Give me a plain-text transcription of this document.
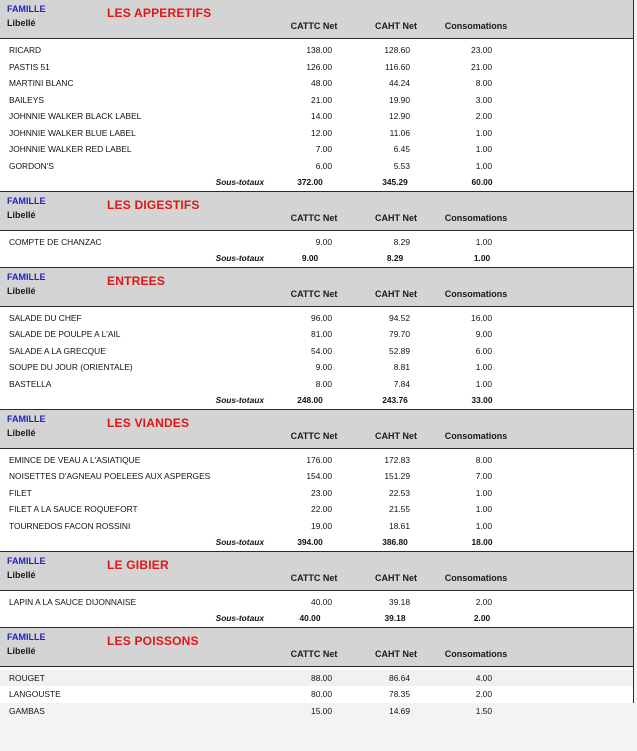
FAMILLE	LES APPERETIFS
Libellé	CATTC Net	CAHT Net	Consomations
RICARD	138.00	128.60	23.00
PASTIS 51	126.00	116.60	21.00
MARTINI BLANC	48.00	44.24	8.00
BAILEYS	21.00	19.90	3.00
JOHNNIE WALKER BLACK LABEL	14.00	12.90	2.00
JOHNNIE WALKER BLUE LABEL	12.00	11.06	1.00
JOHNNIE WALKER RED LABEL	7.00	6.45	1.00
GORDON'S	6.00	5.53	1.00
Sous-totaux	372.00	345.29	60.00
FAMILLE	LES DIGESTIFS
Libellé	CATTC Net	CAHT Net	Consomations
COMPTE DE CHANZAC	9.00	8.29	1.00
Sous-totaux	9.00	8.29	1.00
FAMILLE	ENTREES
Libellé	CATTC Net	CAHT Net	Consomations
SALADE DU CHEF	96.00	94.52	16.00
SALADE DE POULPE A L'AIL	81.00	79.70	9.00
SALADE A LA GRECQUE	54.00	52.89	6.00
SOUPE DU JOUR (ORIENTALE)	9.00	8.81	1.00
BASTELLA	8.00	7.84	1.00
Sous-totaux	248.00	243.76	33.00
FAMILLE	LES VIANDES
Libellé	CATTC Net	CAHT Net	Consomations
EMINCE DE VEAU A L'ASIATIQUE	176.00	172.83	8.00
NOISETTES D'AGNEAU POELEES AUX ASPERGES	154.00	151.29	7.00
FILET	23.00	22.53	1.00
FILET A LA SAUCE ROQUEFORT	22.00	21.55	1.00
TOURNEDOS FACON ROSSINI	19.00	18.61	1.00
Sous-totaux	394.00	386.80	18.00
FAMILLE	LE GIBIER
Libellé	CATTC Net	CAHT Net	Consomations
LAPIN A LA SAUCE DIJONNAISE	40.00	39.18	2.00
Sous-totaux	40.00	39.18	2.00
FAMILLE	LES POISSONS
Libellé	CATTC Net	CAHT Net	Consomations
ROUGET	88.00	86.64	4.00
LANGOUSTE	80.00	78.35	2.00
GAMBAS	15.00	14.69	1.50
